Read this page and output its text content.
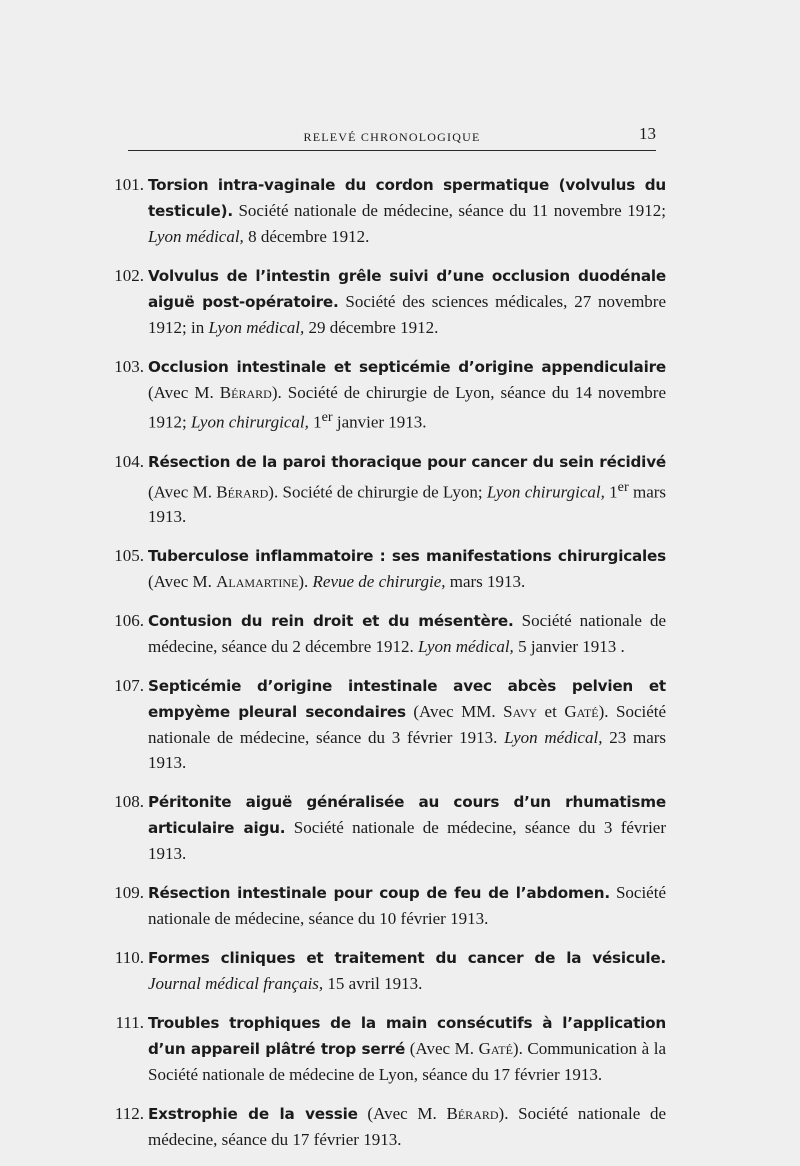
RELEVÉ CHRONOLOGIQUE	13
101. Torsion intra-vaginale du cordon spermatique (volvulus du testicule). Société nationale de médecine, séance du 11 novembre 1912; Lyon médical, 8 décembre 1912.
102. Volvulus de l’intestin grêle suivi d’une occlusion duodénale aiguë post-opératoire. Société des sciences médicales, 27 novembre 1912; in Lyon médical, 29 décembre 1912.
103. Occlusion intestinale et septicémie d’origine appendiculaire (Avec M. Bérard). Société de chirurgie de Lyon, séance du 14 novembre 1912; Lyon chirurgical, 1er janvier 1913.
104. Résection de la paroi thoracique pour cancer du sein récidivé (Avec M. Bérard). Société de chirurgie de Lyon; Lyon chirurgical, 1er mars 1913.
105. Tuberculose inflammatoire : ses manifestations chirurgicales (Avec M. Alamartine). Revue de chirurgie, mars 1913.
106. Contusion du rein droit et du mésentère. Société nationale de médecine, séance du 2 décembre 1912. Lyon médical, 5 janvier 1913 .
107. Septicémie d’origine intestinale avec abcès pelvien et empyème pleural secondaires (Avec MM. Savy et Gaté). Société nationale de médecine, séance du 3 février 1913. Lyon médical, 23 mars 1913.
108. Péritonite aiguë généralisée au cours d’un rhumatisme articulaire aigu. Société nationale de médecine, séance du 3 février 1913.
109. Résection intestinale pour coup de feu de l’abdomen. Société nationale de médecine, séance du 10 février 1913.
110. Formes cliniques et traitement du cancer de la vésicule. Journal médical français, 15 avril 1913.
111. Troubles trophiques de la main consécutifs à l’application d’un appareil plâtré trop serré (Avec M. Gaté). Communication à la Société nationale de médecine de Lyon, séance du 17 février 1913.
112. Exstrophie de la vessie (Avec M. Bérard). Société nationale de médecine, séance du 17 février 1913.
